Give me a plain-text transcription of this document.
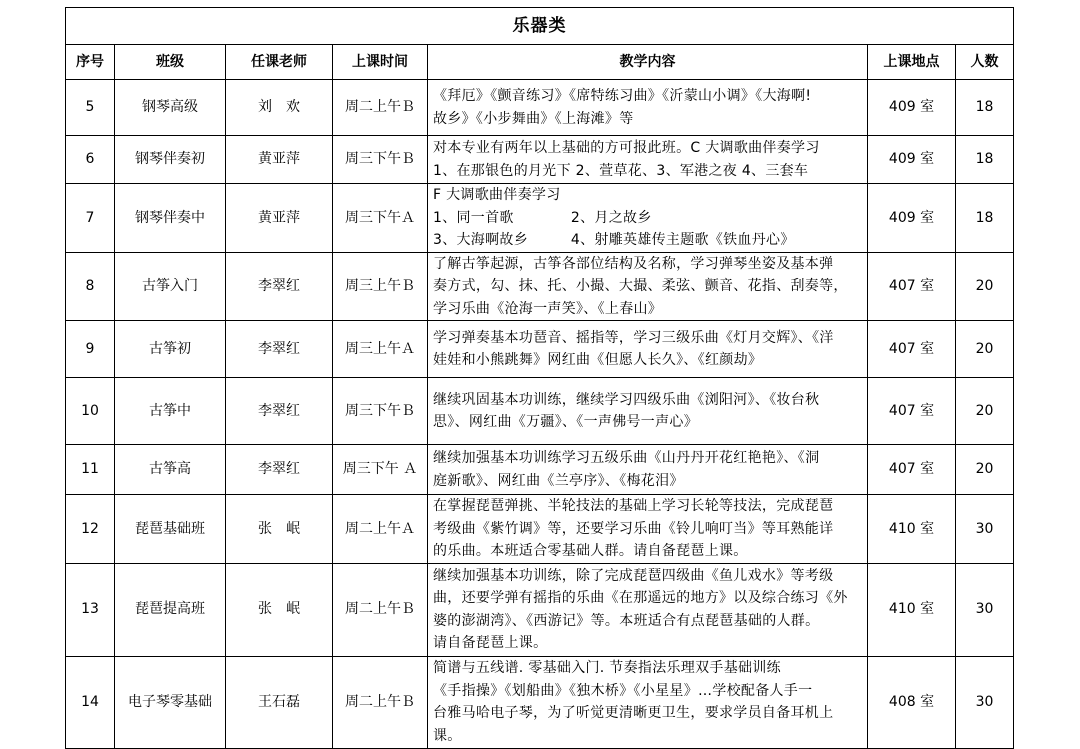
乐器类						
序号	班级	任课老师	上课时间	教学内容	上课地点	人数
5	钢琴高级	刘　欢	周二上午Ｂ	《拜厄》《颤音练习》《席特练习曲》《沂蒙山小调》《大海啊!
故乡》《小步舞曲》《上海滩》等	409 室	18
6	钢琴伴奏初	黄亚萍	周三下午Ｂ	对本专业有两年以上基础的方可报此班。C 大调歌曲伴奏学习
1、在那银色的月光下 2、萱草花、3、军港之夜 4、三套车	409 室	18
7	钢琴伴奏中	黄亚萍	周三下午Ａ	F 大调歌曲伴奏学习
1、同一首歌　　　　2、月之故乡
3、大海啊故乡　　　4、射雕英雄传主题歌《铁血丹心》	409 室	18
8	古筝入门	李翠红	周三上午Ｂ	了解古筝起源，古筝各部位结构及名称，学习弹琴坐姿及基本弹
奏方式，勾、抹、托、小撮、大撮、柔弦、颤音、花指、刮奏等，
学习乐曲《沧海一声笑》、《上春山》	407 室	20
9	古筝初	李翠红	周三上午Ａ	学习弹奏基本功琶音、摇指等，学习三级乐曲《灯月交辉》、《洋
娃娃和小熊跳舞》网红曲《但愿人长久》、《红颜劫》	407 室	20
10	古筝中	李翠红	周三下午Ｂ	继续巩固基本功训练，继续学习四级乐曲《浏阳河》、《妆台秋
思》、网红曲《万疆》、《一声佛号一声心》	407 室	20
11	古筝高	李翠红	周三下午 Ａ	继续加强基本功训练学习五级乐曲《山丹丹开花红艳艳》、《洞
庭新歌》、网红曲《兰亭序》、《梅花泪》	407 室	20
12	琵琶基础班	张　岷	周二上午Ａ	在掌握琵琶弹挑、半轮技法的基础上学习长轮等技法，完成琵琶
考级曲《紫竹调》等，还要学习乐曲《铃儿响叮当》等耳熟能详
的乐曲。本班适合零基础人群。请自备琵琶上课。	410 室	30
13	琵琶提高班	张　岷	周二上午Ｂ	继续加强基本功训练，除了完成琵琶四级曲《鱼儿戏水》等考级
曲，还要学弹有摇指的乐曲《在那遥远的地方》以及综合练习《外
婆的澎湖湾》、《西游记》等。本班适合有点琵琶基础的人群。
请自备琵琶上课。	410 室	30
14	电子琴零基础	王石磊	周二上午Ｂ	简谱与五线谱. 零基础入门. 节奏指法乐理双手基础训练
《手指操》《划船曲》《独木桥》《小星星》…学校配备人手一
台雅马哈电子琴，为了听觉更清晰更卫生，要求学员自备耳机上
课。	408 室	30
